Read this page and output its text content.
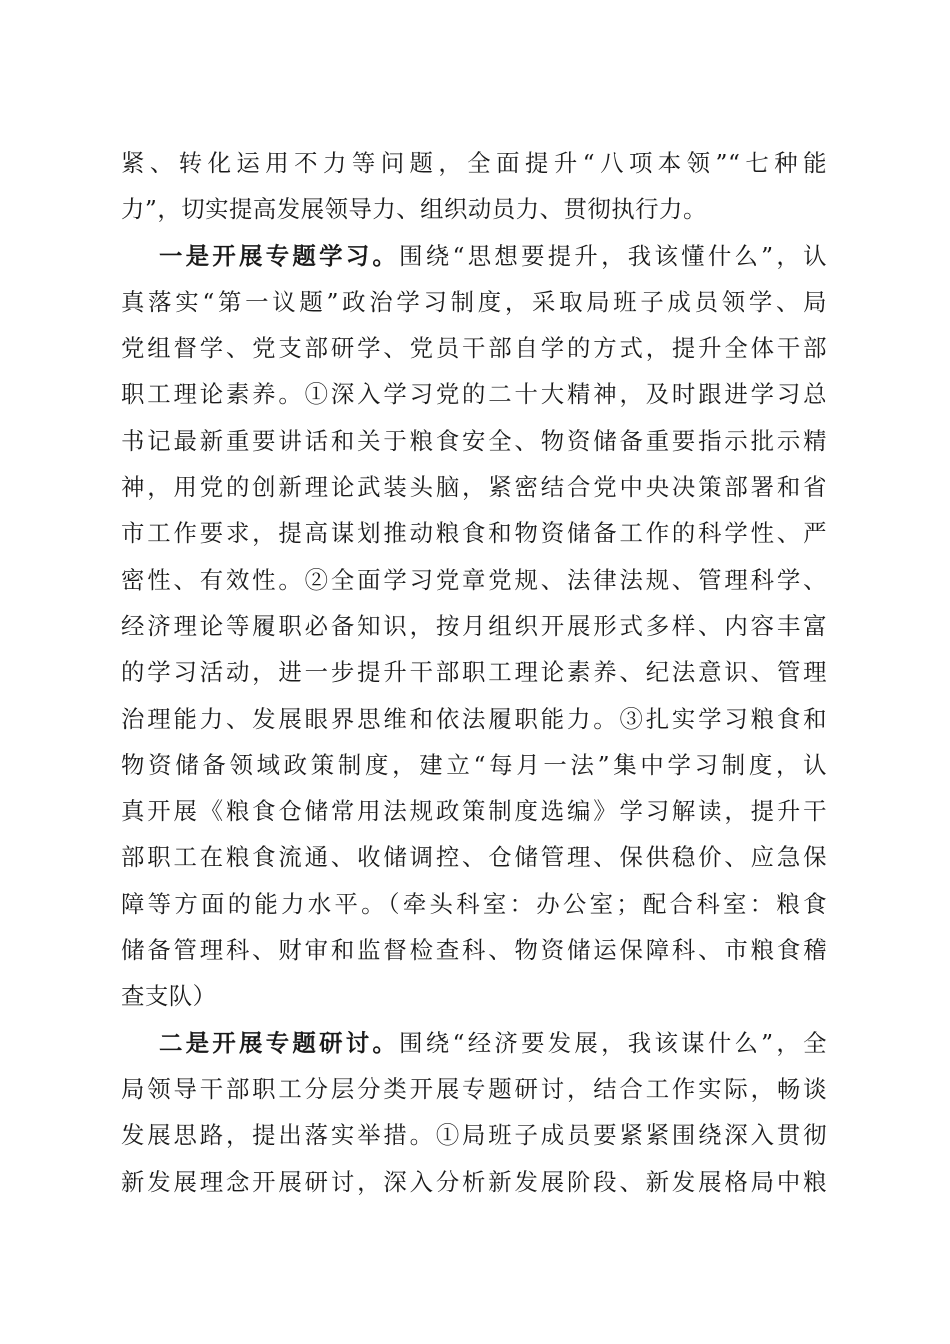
紧、转化运用不力等问题，全面提升“八项本领”“七种能
力”，切实提高发展领导力、组织动员力、贯彻执行力。
一是开展专题学习。围绕“思想要提升，我该懂什么”，认
真落实“第一议题”政治学习制度，采取局班子成员领学、局
党组督学、党支部研学、党员干部自学的方式，提升全体干部
职工理论素养。①深入学习党的二十大精神，及时跟进学习总
书记最新重要讲话和关于粮食安全、物资储备重要指示批示精
神，用党的创新理论武装头脑，紧密结合党中央决策部署和省
市工作要求，提高谋划推动粮食和物资储备工作的科学性、严
密性、有效性。②全面学习党章党规、法律法规、管理科学、
经济理论等履职必备知识，按月组织开展形式多样、内容丰富
的学习活动，进一步提升干部职工理论素养、纪法意识、管理
治理能力、发展眼界思维和依法履职能力。③扎实学习粮食和
物资储备领域政策制度，建立“每月一法”集中学习制度，认
真开展《粮食仓储常用法规政策制度选编》学习解读，提升干
部职工在粮食流通、收储调控、仓储管理、保供稳价、应急保
障等方面的能力水平。（牵头科室：办公室；配合科室：粮食
储备管理科、财审和监督检查科、物资储运保障科、市粮食稽
查支队）
二是开展专题研讨。围绕“经济要发展，我该谋什么”，全
局领导干部职工分层分类开展专题研讨，结合工作实际，畅谈
发展思路，提出落实举措。①局班子成员要紧紧围绕深入贯彻
新发展理念开展研讨，深入分析新发展阶段、新发展格局中粮
